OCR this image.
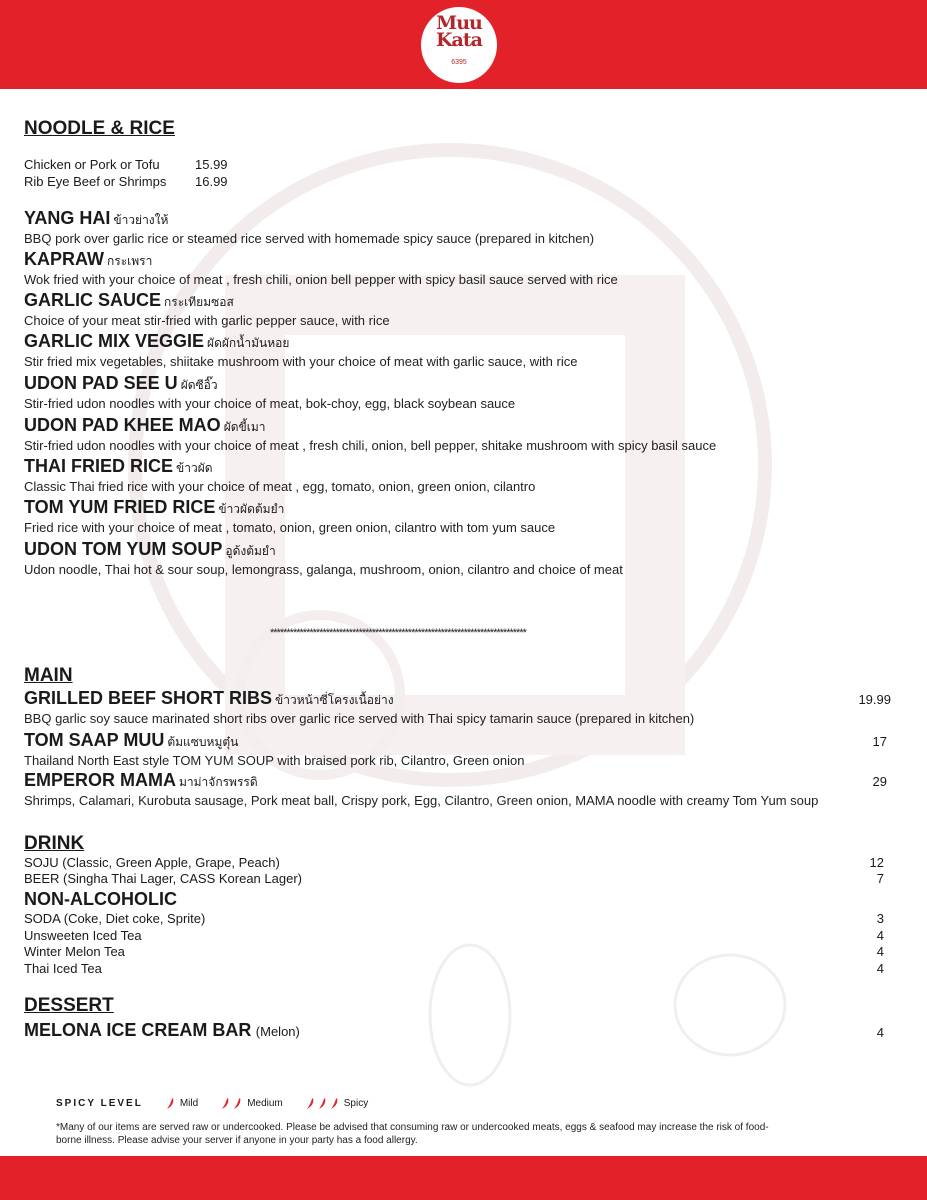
Muu
Kata
6395
NOODLE & RICE
Chicken or Pork or Tofu	15.99
Rib Eye Beef or Shrimps 16.99
YANG HAI ข้าวย่างให้
BBQ pork over garlic rice or steamed rice served with homemade spicy sauce (prepared in kitchen)
KAPRAW กระเพรา
Wok fried with your choice of meat , fresh chili, onion bell pepper with spicy basil sauce served with rice
GARLIC SAUCE กระเทียมซอส
Choice of your meat stir-fried with garlic pepper sauce, with rice
GARLIC MIX VEGGIE ผัดผักน้ำมันหอย
Stir fried mix vegetables, shiitake mushroom with your choice of meat with garlic sauce, with rice
UDON PAD SEE U ผัดซีอิ๊ว
Stir-fried udon noodles with your choice of meat, bok-choy, egg, black soybean sauce
UDON PAD KHEE MAO ผัดขี้เมา
Stir-fried udon noodles with your choice of meat , fresh chili, onion, bell pepper, shitake mushroom with spicy basil sauce
THAI FRIED RICE ข้าวผัด
Classic Thai fried rice with your choice of meat , egg, tomato, onion, green onion, cilantro
TOM YUM FRIED RICE ข้าวผัดต้มยำ
Fried rice with your choice of meat , tomato, onion, green onion, cilantro with tom yum sauce
UDON TOM YUM SOUP อูด้งต้มยำ
Udon noodle, Thai hot & sour soup, lemongrass, galanga, mushroom, onion, cilantro and choice of meat
******************************************************************************
MAIN
GRILLED BEEF SHORT RIBS ข้าวหน้าซี่โครงเนื้อย่าง
BBQ garlic soy sauce marinated short ribs over garlic rice served with Thai spicy tamarin sauce (prepared in kitchen)
19.99
TOM SAAP MUU ต้มแซบหมูตุ๋น
Thailand North East style TOM YUM SOUP with braised pork rib, Cilantro, Green onion
17
EMPEROR MAMA มาม่าจักรพรรดิ
Shrimps, Calamari, Kurobuta sausage, Pork meat ball, Crispy pork, Egg, Cilantro, Green onion, MAMA noodle with creamy Tom Yum soup
29
DRINK
SOJU (Classic, Green Apple, Grape, Peach)	12
BEER (Singha Thai Lager, CASS Korean Lager)	7
NON-ALCOHOLIC
SODA (Coke, Diet coke, Sprite)	3
Unsweeten Iced Tea	4
Winter Melon Tea	4
Thai Iced Tea	4
DESSERT
MELONA ICE CREAM BAR (Melon)	4
SPICY LEVEL	Mild	Medium	Spicy
*Many of our items are served raw or undercooked. Please be advised that consuming raw or undercooked meats, eggs & seafood may increase the risk of food-borne illness. Please advise your server if anyone in your party has a food allergy.
